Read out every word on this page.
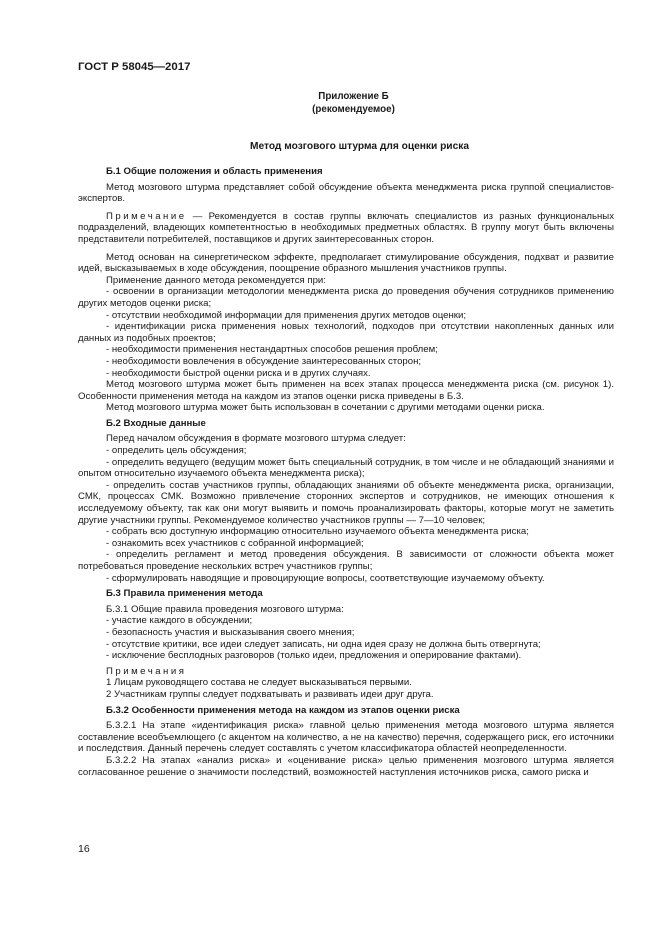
ГОСТ Р 58045—2017
Приложение Б
(рекомендуемое)
Метод мозгового штурма для оценки риска
Б.1 Общие положения и область применения

Метод мозгового штурма представляет собой обсуждение объекта менеджмента риска группой специалистов-экспертов.

Примечание — Рекомендуется в состав группы включать специалистов из разных функциональных подразделений, владеющих компетентностью в необходимых предметных областях. В группу могут быть включены представители потребителей, поставщиков и других заинтересованных сторон.

Метод основан на синергетическом эффекте, предполагает стимулирование обсуждения, подхват и развитие идей, высказываемых в ходе обсуждения, поощрение образного мышления участников группы.

Применение данного метода рекомендуется при:

- освоении в организации методологии менеджмента риска до проведения обучения сотрудников применению других методов оценки риска;

- отсутствии необходимой информации для применения других методов оценки;

- идентификации риска применения новых технологий, подходов при отсутствии накопленных данных или данных из подобных проектов;

- необходимости применения нестандартных способов решения проблем;

- необходимости вовлечения в обсуждение заинтересованных сторон;

- необходимости быстрой оценки риска и в других случаях.

Метод мозгового штурма может быть применен на всех этапах процесса менеджмента риска (см. рисунок 1). Особенности применения метода на каждом из этапов оценки риска приведены в Б.3.

Метод мозгового штурма может быть использован в сочетании с другими методами оценки риска.

Б.2 Входные данные

Перед началом обсуждения в формате мозгового штурма следует:

- определить цель обсуждения;

- определить ведущего (ведущим может быть специальный сотрудник, в том числе и не обладающий знаниями и опытом относительно изучаемого объекта менеджмента риска);

- определить состав участников группы, обладающих знаниями об объекте менеджмента риска, организации, СМК, процессах СМК. Возможно привлечение сторонних экспертов и сотрудников, не имеющих отношения к исследуемому объекту, так как они могут выявить и помочь проанализировать факторы, которые могут не заметить другие участники группы. Рекомендуемое количество участников группы — 7—10 человек;

- собрать всю доступную информацию относительно изучаемого объекта менеджмента риска;

- ознакомить всех участников с собранной информацией;

- определить регламент и метод проведения обсуждения. В зависимости от сложности объекта может потребоваться проведение нескольких встреч участников группы;

- сформулировать наводящие и провоцирующие вопросы, соответствующие изучаемому объекту.

Б.3 Правила применения метода

Б.3.1 Общие правила проведения мозгового штурма:

- участие каждого в обсуждении;

- безопасность участия и высказывания своего мнения;

- отсутствие критики, все идеи следует записать, ни одна идея сразу не должна быть отвергнута;

- исключение бесплодных разговоров (только идеи, предложения и оперирование фактами).

Примечания

1 Лицам руководящего состава не следует высказываться первыми.

2 Участникам группы следует подхватывать и развивать идеи друг друга.

Б.3.2 Особенности применения метода на каждом из этапов оценки риска

Б.3.2.1 На этапе «идентификация риска» главной целью применения метода мозгового штурма является составление всеобъемлющего (с акцентом на количество, а не на качество) перечня, содержащего риск, его источники и последствия. Данный перечень следует составлять с учетом классификатора областей неопределенности.

Б.3.2.2 На этапах «анализ риска» и «оценивание риска» целью применения мозгового штурма является согласованное решение о значимости последствий, возможностей наступления источников риска, самого риска и

16
